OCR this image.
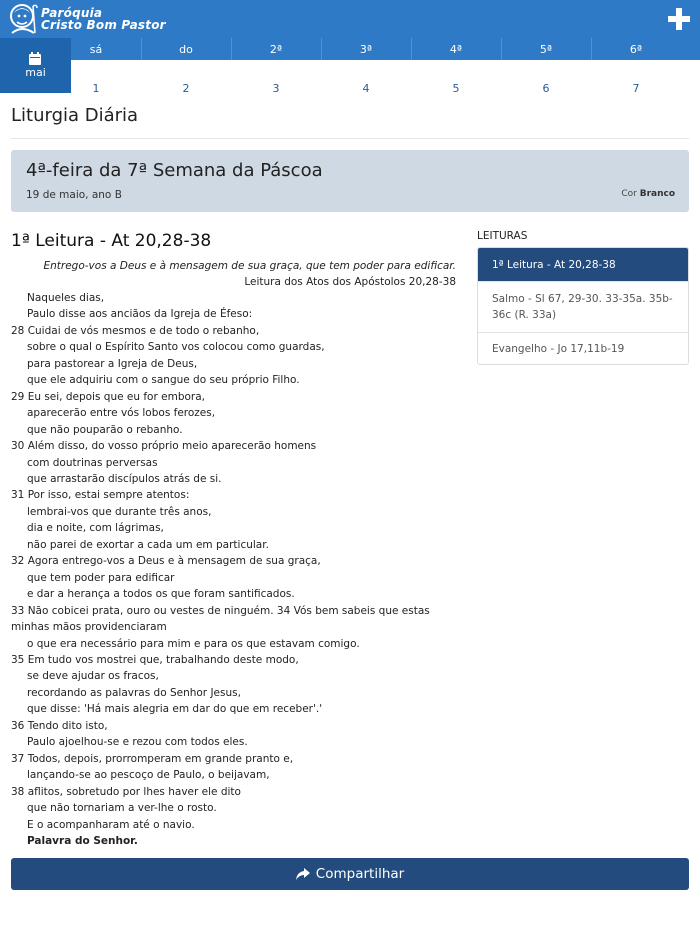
Paróquia
Cristo Bom Pastor
mai
sá
1
do
2
2ª
3
3ª
4
4ª
5
5ª
6
6ª
7
Liturgia Diária
4ª-feira da 7ª Semana da Páscoa
19 de maio, ano B	Cor Branco
1ª Leitura - At 20,28-38
Entrego-vos a Deus e à mensagem de sua graça, que tem poder para edificar.
Leitura dos Atos dos Apóstolos 20,28-38
Naqueles dias,
Paulo disse aos anciãos da Igreja de Éfeso:
28 Cuidai de vós mesmos e de todo o rebanho,
sobre o qual o Espírito Santo vos colocou como guardas,
para pastorear a Igreja de Deus,
que ele adquiriu com o sangue do seu próprio Filho.
29 Eu sei, depois que eu for embora,
aparecerão entre vós lobos ferozes,
que não pouparão o rebanho.
30 Além disso, do vosso próprio meio aparecerão homens
com doutrinas perversas
que arrastarão discípulos atrás de si.
31 Por isso, estai sempre atentos:
lembrai-vos que durante três anos,
dia e noite, com lágrimas,
não parei de exortar a cada um em particular.
32 Agora entrego-vos a Deus e à mensagem de sua graça,
que tem poder para edificar
e dar a herança a todos os que foram santificados.
33 Não cobicei prata, ouro ou vestes de ninguém. 34 Vós bem sabeis que estas minhas mãos providenciaram
o que era necessário para mim e para os que estavam comigo.
35 Em tudo vos mostrei que, trabalhando deste modo,
se deve ajudar os fracos,
recordando as palavras do Senhor Jesus,
que disse: 'Há mais alegria em dar do que em receber'.'
36 Tendo dito isto,
Paulo ajoelhou-se e rezou com todos eles.
37 Todos, depois, prorromperam em grande pranto e,
lançando-se ao pescoço de Paulo, o beijavam,
38 aflitos, sobretudo por lhes haver ele dito
que não tornariam a ver-lhe o rosto.
E o acompanharam até o navio.
Palavra do Senhor.
LEITURAS
1ª Leitura - At 20,28-38
Salmo - Sl 67, 29-30. 33-35a. 35b-36c (R. 33a)
Evangelho - Jo 17,11b-19
Compartilhar
